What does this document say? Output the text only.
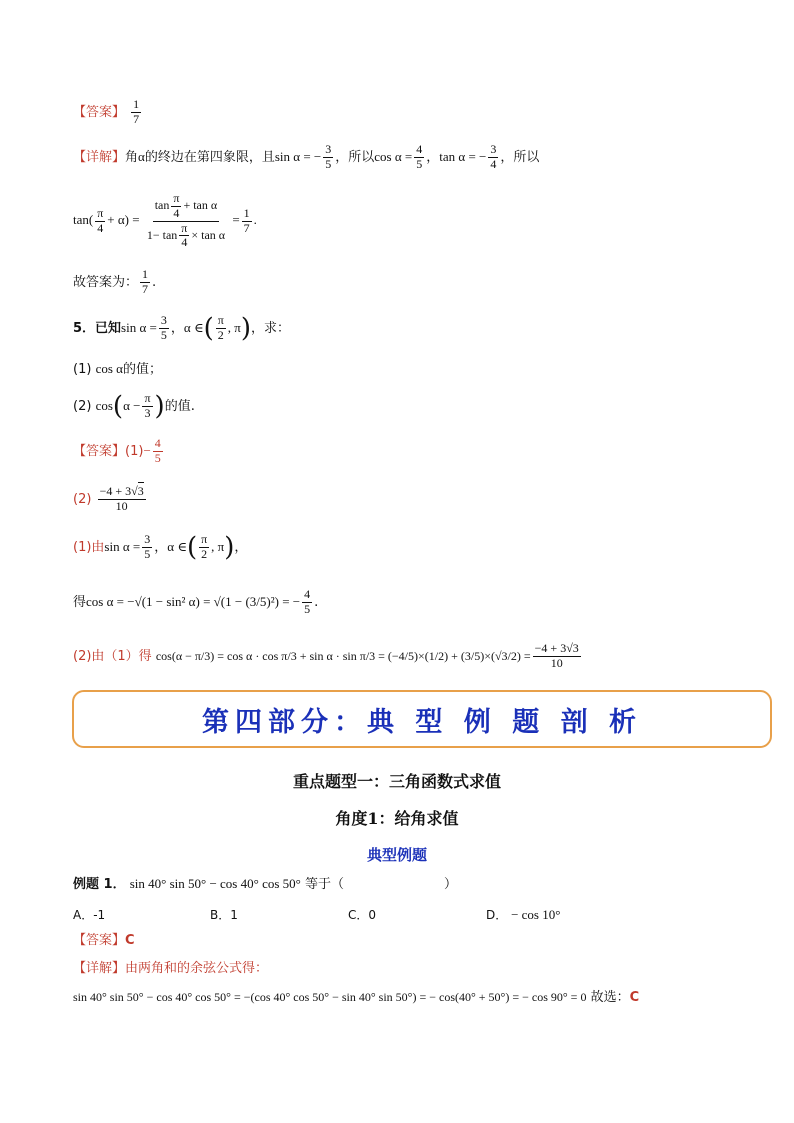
【答案】 $\frac{1}{7}$
【详解】角α的终边在第四象限，且sin α = − $\frac{3}{5}$ ，所以$\cos \alpha = \frac{4}{5}$ ，tan α = − $\frac{3}{4}$ ，所以
$\tan( \frac{\pi}{4} + \alpha) = \frac{\tan \frac{\pi}{4} + \tan \alpha}{1- \tan \frac{\pi}{4} \times \tan \alpha} = \frac{1}{7}$ .
故答案为： $\frac{1}{7}$ .
5．已知$\sin \alpha = \frac{3}{5}$ ，α ∈( $\frac{\pi}{2}$ , π)，求：
(1) cos α的值；
(2) $\cos(\alpha - \frac{\pi}{3}$ )的值.
【答案】$(1)- \frac{4}{5}$
$(2) \frac{-4 + 3√3}{10}$
(1)由$\sin \alpha = \frac{3}{5}$ ，α ∈( $\frac{\pi}{2}$ , π)，
得cos α = −√(1 − sin² α) = √(1 − (3/5)²) = − $\frac{4}{5}$ .
(2)由（1）得 $\cos(\alpha - \pi/3) = \cos \alpha \cdot \cos \pi/3 + \sin \alpha \cdot \sin \pi/3 = (-4/5)\times(1/2) + (3/5)\times(√3/2) = \frac{-4 + 3√3}{10}$
第四部分：典 型 例 题 剖 析
重点题型一：三角函数式求值
角度1：给角求值
典型例题
例题 1． sin 40° sin 50° − cos 40° cos 50° 等于（	）
A．-1	B．1	C．0	D． − cos 10°
【答案】C
【详解】由两角和的余弦公式得：
sin 40° sin 50° − cos 40° cos 50° = −(cos 40° cos 50° − sin 40° sin 50°) = − cos(40° + 50°) = − cos 90° = 0 故选：C
